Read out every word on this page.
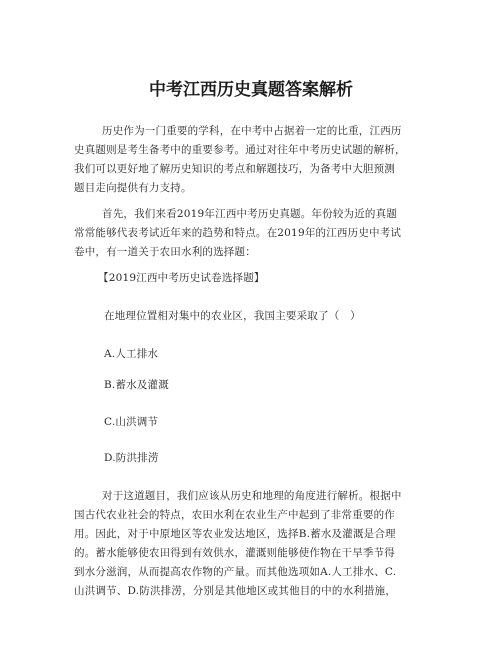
中考江西历史真题答案解析
历史作为一门重要的学科，在中考中占据着一定的比重，江西历
史真题则是考生备考中的重要参考。通过对往年中考历史试题的解析，
我们可以更好地了解历史知识的考点和解题技巧，为备考中大胆预测
题目走向提供有力支持。
首先，我们来看2019年江西中考历史真题。年份较为近的真题
常常能够代表考试近年来的趋势和特点。在2019年的江西历史中考试
卷中，有一道关于农田水利的选择题：
【2019江西中考历史试卷选择题】
在地理位置相对集中的农业区，我国主要采取了（　）
A.人工排水
B.蓄水及灌溉
C.山洪调节
D.防洪排涝
对于这道题目，我们应该从历史和地理的角度进行解析。根据中
国古代农业社会的特点，农田水利在农业生产中起到了非常重要的作
用。因此，对于中原地区等农业发达地区，选择B.蓄水及灌溉是合理
的。蓄水能够使农田得到有效供水，灌溉则能够使作物在干旱季节得
到水分滋润，从而提高农作物的产量。而其他选项如A.人工排水、C.
山洪调节、D.防洪排涝，分别是其他地区或其他目的中的水利措施，
